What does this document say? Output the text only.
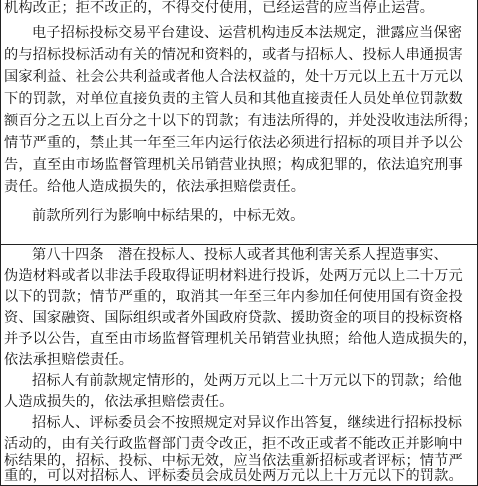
机构改正；拒不改正的，不得交付使用，已经运营的应当停止运营。
电子招标投标交易平台建设、运营机构违反本法规定，泄露应当保密
的与招标投标活动有关的情况和资料的，或者与招标人、投标人串通损害
国家利益、社会公共利益或者他人合法权益的，处十万元以上五十万元以
下的罚款，对单位直接负责的主管人员和其他直接责任人员处单位罚款数
额百分之五以上百分之十以下的罚款；有违法所得的，并处没收违法所得；
情节严重的，禁止其一年至三年内运行依法必须进行招标的项目并予以公
告，直至由市场监督管理机关吊销营业执照；构成犯罪的，依法追究刑事
责任。给他人造成损失的，依法承担赔偿责任。
前款所列行为影响中标结果的，中标无效。
第八十四条　潜在投标人、投标人或者其他利害关系人捏造事实、
伪造材料或者以非法手段取得证明材料进行投诉，处两万元以上二十万元
以下的罚款；情节严重的，取消其一年至三年内参加任何使用国有资金投
资、国家融资、国际组织或者外国政府贷款、援助资金的项目的投标资格
并予以公告，直至由市场监督管理机关吊销营业执照；给他人造成损失的，
依法承担赔偿责任。
招标人有前款规定情形的，处两万元以上二十万元以下的罚款；给他
人造成损失的，依法承担赔偿责任。
招标人、评标委员会不按照规定对异议作出答复，继续进行招标投标
活动的，由有关行政监督部门责令改正，拒不改正或者不能改正并影响中
标结果的，招标、投标、中标无效，应当依法重新招标或者评标；情节严
重的，可以对招标人、评标委员会成员处两万元以上十万元以下的罚款。
